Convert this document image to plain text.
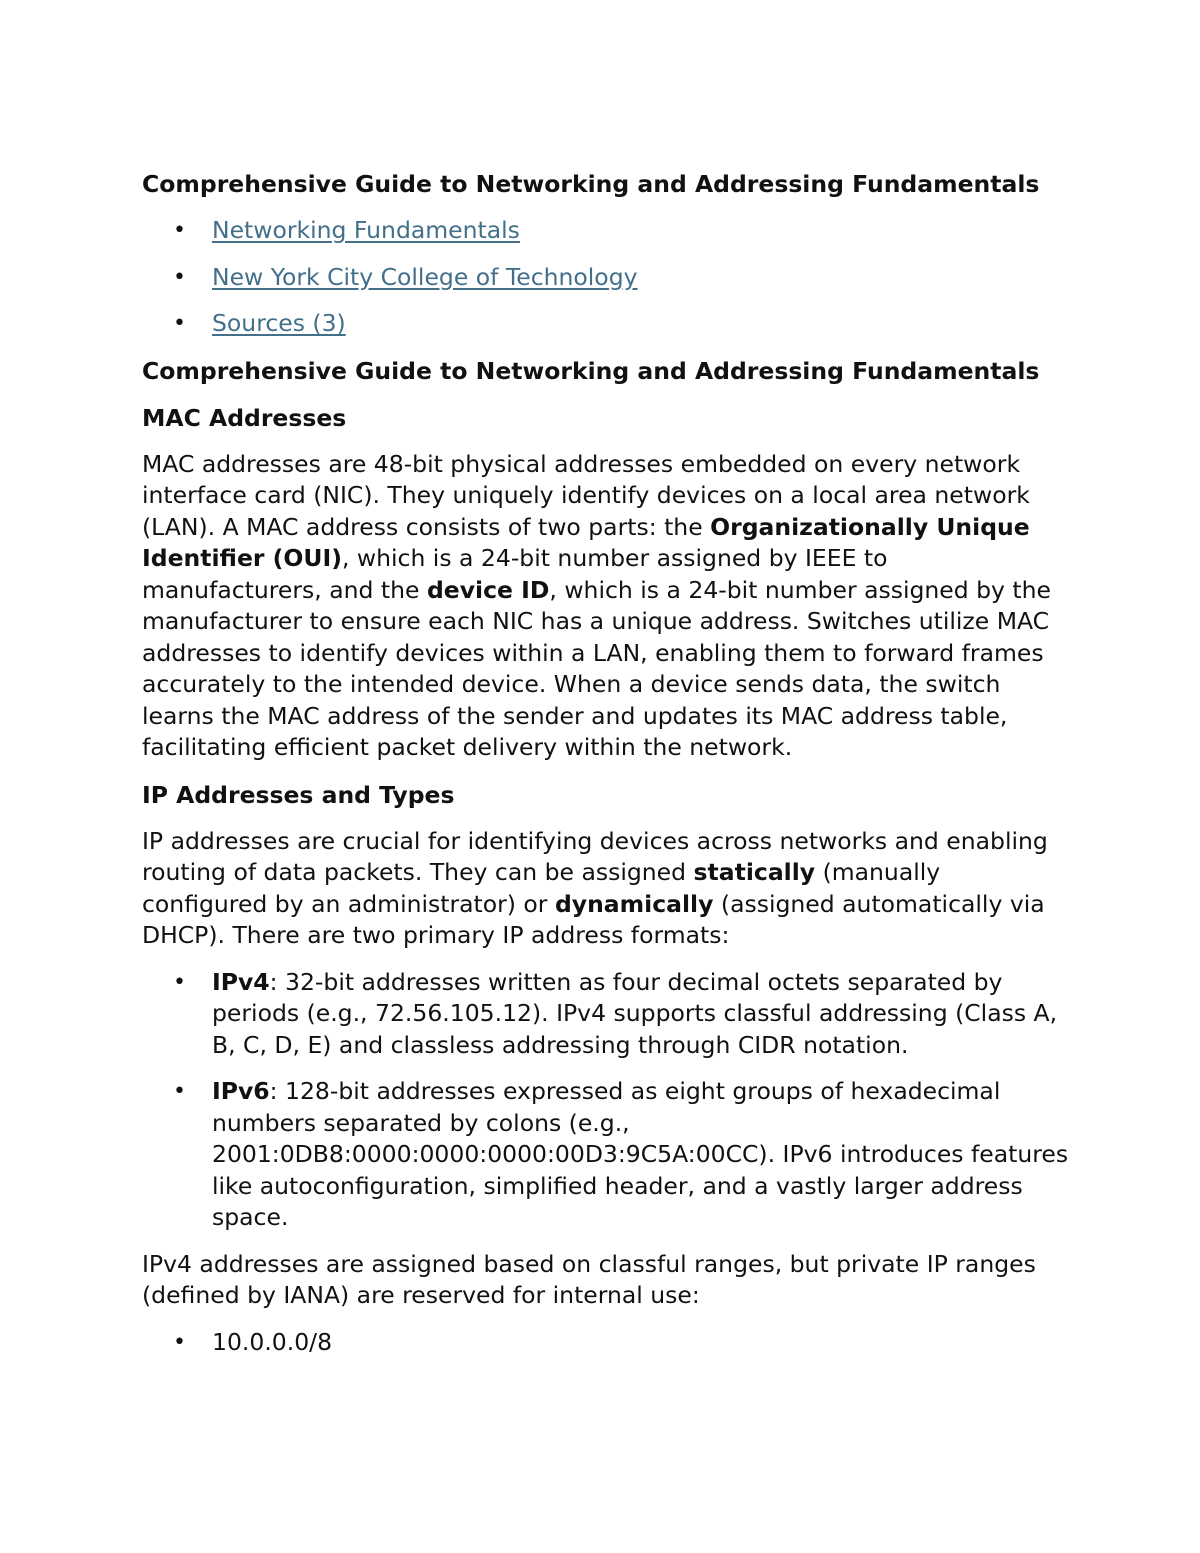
Comprehensive Guide to Networking and Addressing Fundamentals
• Networking Fundamentals
• New York City College of Technology
• Sources (3)
Comprehensive Guide to Networking and Addressing Fundamentals
MAC Addresses
MAC addresses are 48-bit physical addresses embedded on every network interface card (NIC). They uniquely identify devices on a local area network (LAN). A MAC address consists of two parts: the Organizationally Unique Identifier (OUI), which is a 24-bit number assigned by IEEE to manufacturers, and the device ID, which is a 24-bit number assigned by the manufacturer to ensure each NIC has a unique address. Switches utilize MAC addresses to identify devices within a LAN, enabling them to forward frames accurately to the intended device. When a device sends data, the switch learns the MAC address of the sender and updates its MAC address table, facilitating efficient packet delivery within the network.
IP Addresses and Types
IP addresses are crucial for identifying devices across networks and enabling routing of data packets. They can be assigned statically (manually configured by an administrator) or dynamically (assigned automatically via DHCP). There are two primary IP address formats:
• IPv4: 32-bit addresses written as four decimal octets separated by periods (e.g., 72.56.105.12). IPv4 supports classful addressing (Class A, B, C, D, E) and classless addressing through CIDR notation.
• IPv6: 128-bit addresses expressed as eight groups of hexadecimal numbers separated by colons (e.g., 2001:0DB8:0000:0000:0000:00D3:9C5A:00CC). IPv6 introduces features like autoconfiguration, simplified header, and a vastly larger address space.
IPv4 addresses are assigned based on classful ranges, but private IP ranges (defined by IANA) are reserved for internal use:
• 10.0.0.0/8
